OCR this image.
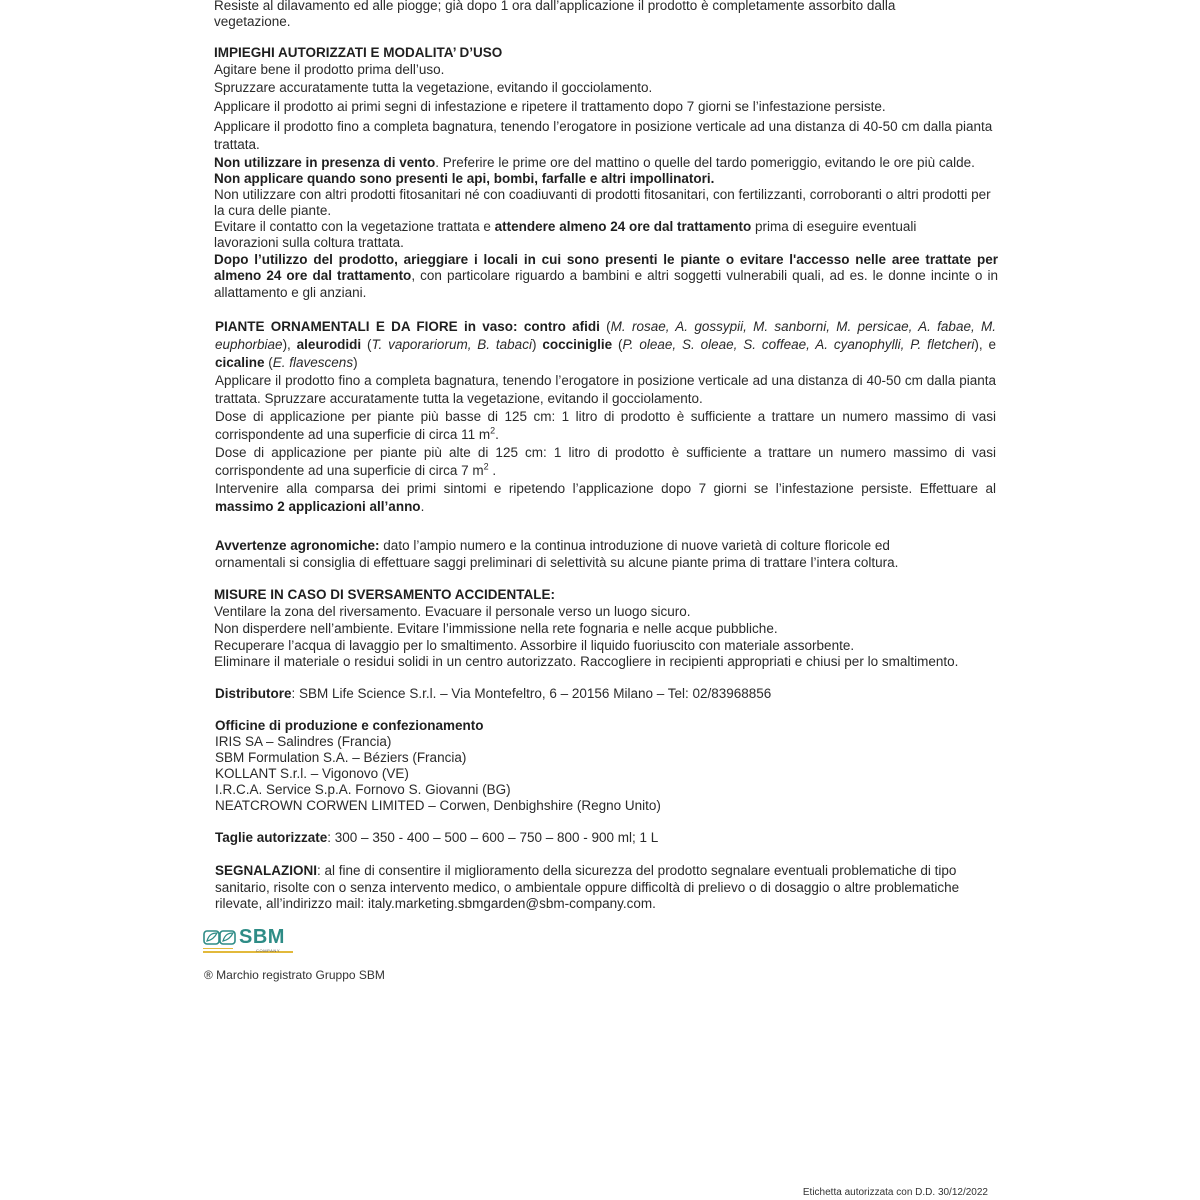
Resiste al dilavamento ed alle piogge; già dopo 1 ora dall’applicazione il prodotto è completamente assorbito dalla
vegetazione.
IMPIEGHI AUTORIZZATI E MODALITA’ D’USO
Agitare bene il prodotto prima dell’uso.
Spruzzare accuratamente tutta la vegetazione, evitando il gocciolamento.
Applicare il prodotto ai primi segni di infestazione e ripetere il trattamento dopo 7 giorni se l’infestazione persiste.
Applicare il prodotto fino a completa bagnatura, tenendo l’erogatore in posizione verticale ad una distanza di 40-50 cm dalla pianta trattata.
Non utilizzare in presenza di vento. Preferire le prime ore del mattino o quelle del tardo pomeriggio, evitando le ore più calde.
Non applicare quando sono presenti le api, bombi, farfalle e altri impollinatori.
Non utilizzare con altri prodotti fitosanitari né con coadiuvanti di prodotti fitosanitari, con fertilizzanti, corroboranti o altri prodotti per la cura delle piante.
Evitare il contatto con la vegetazione trattata e attendere almeno 24 ore dal trattamento prima di eseguire eventuali lavorazioni sulla coltura trattata.
Dopo l’utilizzo del prodotto, arieggiare i locali in cui sono presenti le piante o evitare l'accesso nelle aree trattate per almeno 24 ore dal trattamento, con particolare riguardo a bambini e altri soggetti vulnerabili quali, ad es. le donne incinte o in allattamento e gli anziani.

PIANTE ORNAMENTALI E DA FIORE in vaso: contro afidi (M. rosae, A. gossypii, M. sanborni, M. persicae, A. fabae, M. euphorbiae), aleurodidi (T. vaporariorum, B. tabaci) cocciniglie (P. oleae, S. oleae, S. coffeae, A. cyanophylli, P. fletcheri), e cicaline (E. flavescens)

Applicare il prodotto fino a completa bagnatura, tenendo l’erogatore in posizione verticale ad una distanza di 40-50 cm dalla pianta trattata. Spruzzare accuratamente tutta la vegetazione, evitando il gocciolamento.

Dose di applicazione per piante più basse di 125 cm: 1 litro di prodotto è sufficiente a trattare un numero massimo di vasi corrispondente ad una superficie di circa 11 $m^2$.

Dose di applicazione per piante più alte di 125 cm: 1 litro di prodotto è sufficiente a trattare un numero massimo di vasi corrispondente ad una superficie di circa 7 $m^2$ .

Intervenire alla comparsa dei primi sintomi e ripetendo l’applicazione dopo 7 giorni se l’infestazione persiste. Effettuare al massimo 2 applicazioni all’anno.

Avvertenze agronomiche: dato l’ampio numero e la continua introduzione di nuove varietà di colture floricole ed
ornamentali si consiglia di effettuare saggi preliminari di selettività su alcune piante prima di trattare l’intera coltura.
MISURE IN CASO DI SVERSAMENTO ACCIDENTALE:
Ventilare la zona del riversamento. Evacuare il personale verso un luogo sicuro.
Non disperdere nell’ambiente. Evitare l’immissione nella rete fognaria e nelle acque pubbliche.
Recuperare l’acqua di lavaggio per lo smaltimento. Assorbire il liquido fuoriuscito con materiale assorbente.
Eliminare il materiale o residui solidi in un centro autorizzato. Raccogliere in recipienti appropriati e chiusi per lo smaltimento.
Distributore: SBM Life Science S.r.l. – Via Montefeltro, 6 – 20156 Milano – Tel: 02/83968856
Officine di produzione e confezionamento
IRIS SA – Salindres (Francia)
SBM Formulation S.A. – Béziers (Francia)
KOLLANT S.r.l. – Vigonovo (VE)
I.R.C.A. Service S.p.A. Fornovo S. Giovanni (BG)
NEATCROWN CORWEN LIMITED – Corwen, Denbighshire (Regno Unito)
Taglie autorizzate: 300 – 350 - 400 – 500 – 600 – 750 – 800 - 900 ml; 1 L
SEGNALAZIONI: al fine di consentire il miglioramento della sicurezza del prodotto segnalare eventuali problematiche di tipo
sanitario, risolte con o senza intervento medico, o ambientale oppure difficoltà di prelievo o di dosaggio o altre problematiche
rilevate, all’indirizzo mail: italy.marketing.sbmgarden@sbm-company.com.
SBM
COMPANY
® Marchio registrato Gruppo SBM
Etichetta autorizzata con D.D. 30/12/2022
